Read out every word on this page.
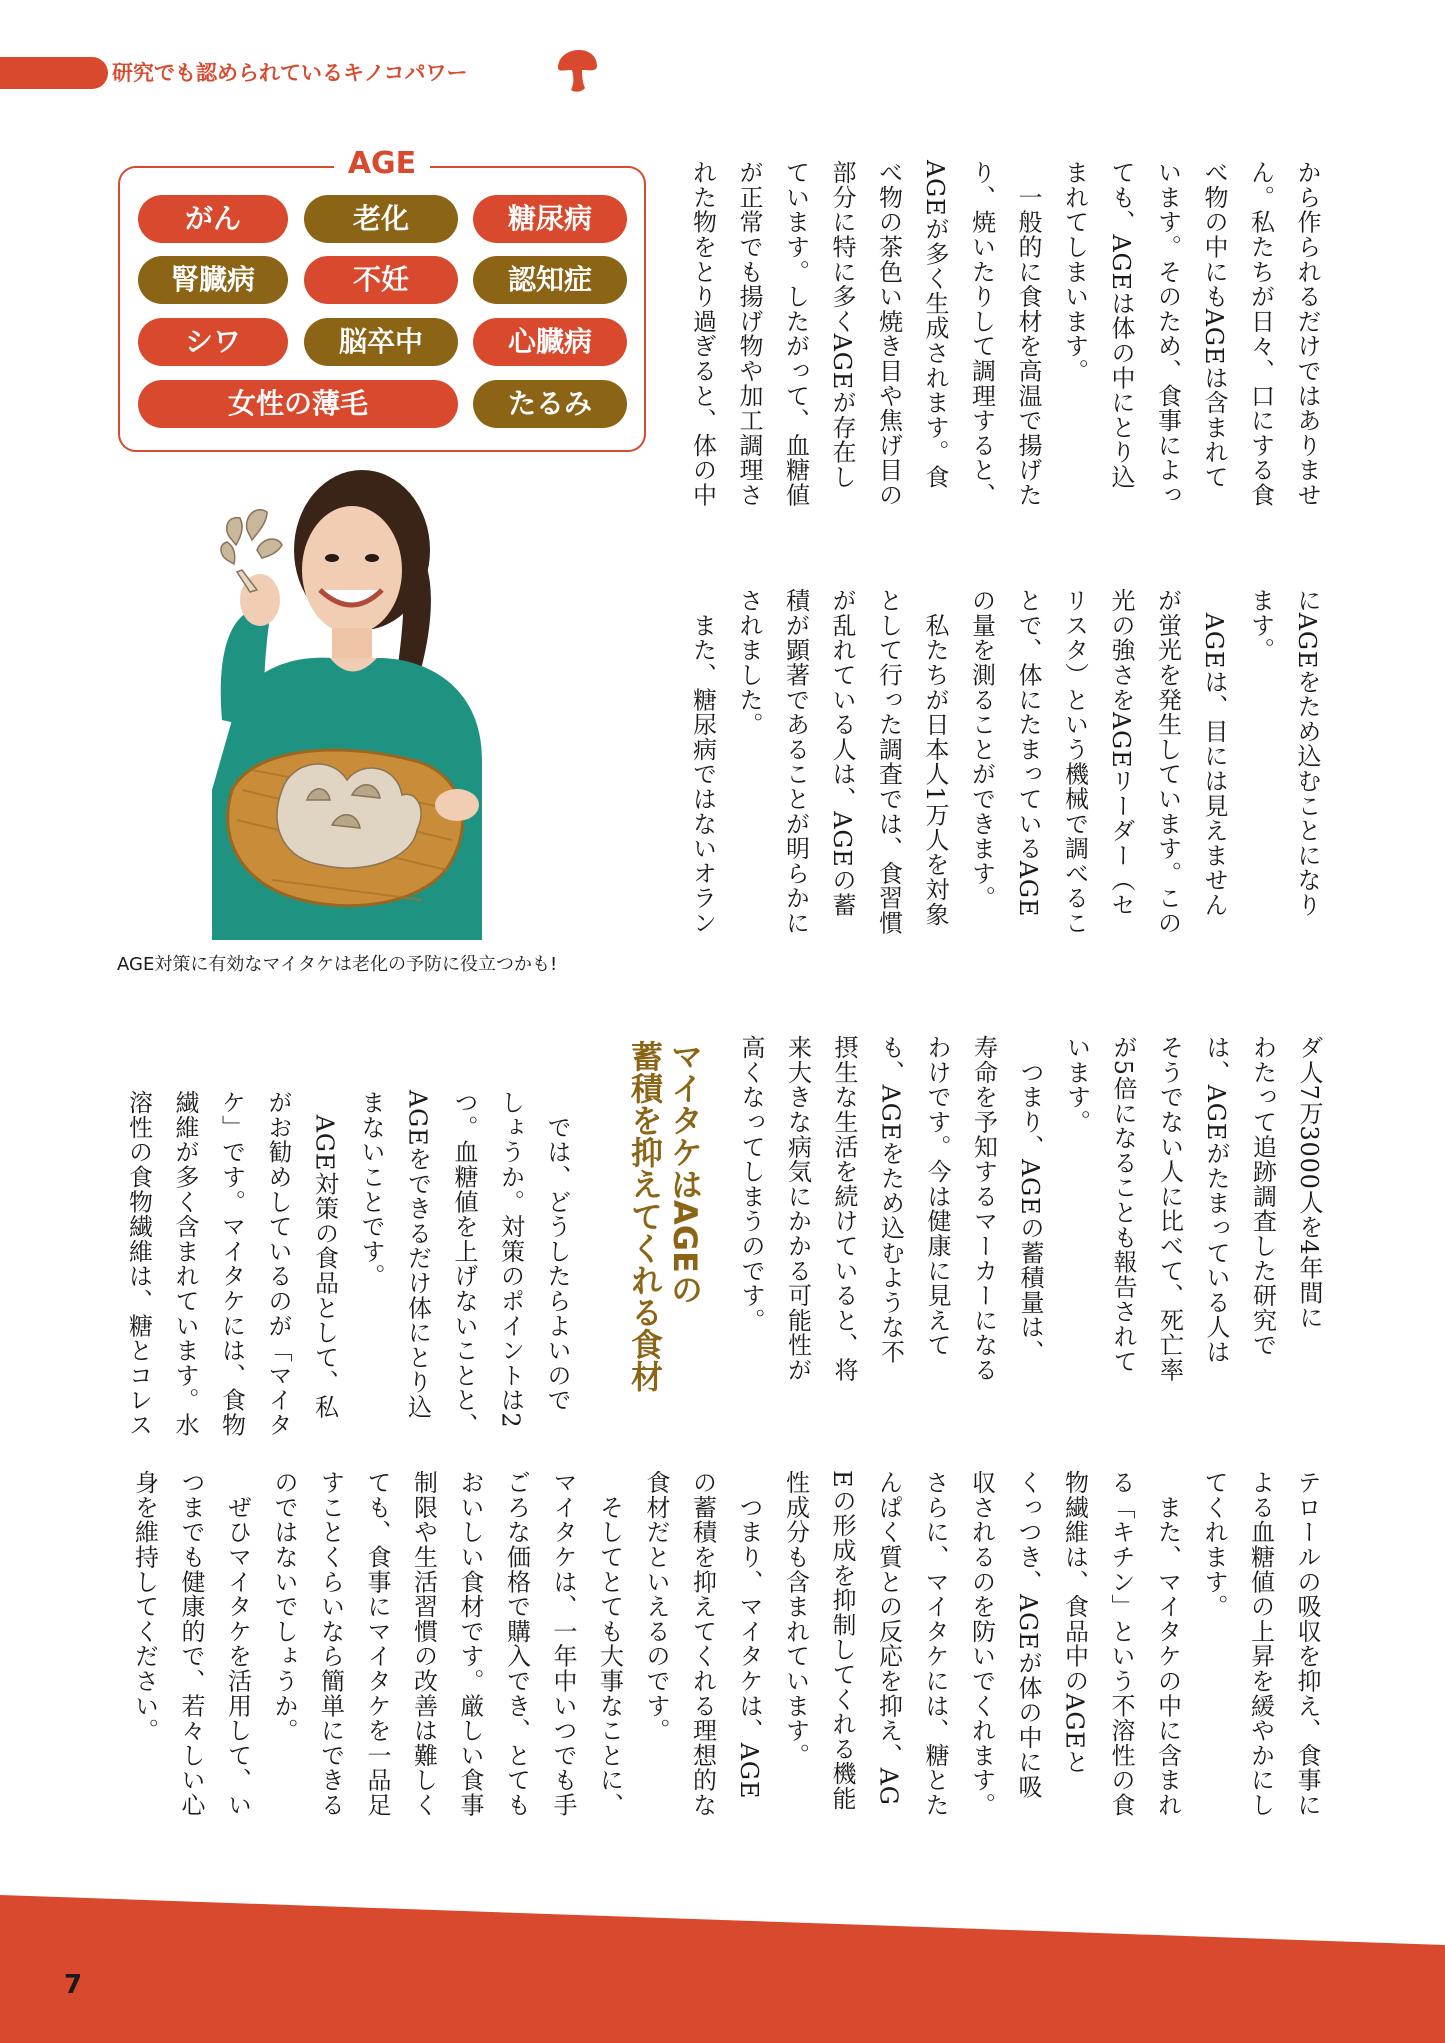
研究でも認められているキノコパワー
AGE
がん	老化	糖尿病
腎臓病	不妊	認知症
シワ	脳卒中	心臓病
女性の薄毛	たるみ
AGE対策に有効なマイタケは老化の予防に役立つかも!
から作られるだけではありませ
ん。私たちが日々、口にする食
べ物の中にもAGEは含まれて
います。そのため、食事によっ
ても、AGEは体の中にとり込
まれてしまいます。
　一般的に食材を高温で揚げた
り、焼いたりして調理すると、
AGEが多く生成されます。食
べ物の茶色い焼き目や焦げ目の
部分に特に多くAGEが存在し
ています。したがって、血糖値
が正常でも揚げ物や加工調理さ
れた物をとり過ぎると、体の中
にAGEをため込むことになり
ます。
　AGEは、目には見えません
が蛍光を発生しています。この
光の強さをAGEリーダー（セ
リスタ）という機械で調べるこ
とで、体にたまっているAGE
の量を測ることができます。
　私たちが日本人1万人を対象
として行った調査では、食習慣
が乱れている人は、AGEの蓄
積が顕著であることが明らかに
されました。
　また、糖尿病ではないオラン
ダ人7万3000人を4年間に
わたって追跡調査した研究で
は、AGEがたまっている人は
そうでない人に比べて、死亡率
が5倍になることも報告されて
います。
　つまり、AGEの蓄積量は、
寿命を予知するマーカーになる
わけです。今は健康に見えて
も、AGEをため込むような不
摂生な生活を続けていると、将
来大きな病気にかかる可能性が
高くなってしまうのです。
マイタケはAGEの
蓄積を抑えてくれる食材
　では、どうしたらよいので
しょうか。対策のポイントは2
つ。血糖値を上げないことと、
AGEをできるだけ体にとり込
まないことです。
　AGE対策の食品として、私
がお勧めしているのが「マイタ
ケ」です。マイタケには、食物
繊維が多く含まれています。水
溶性の食物繊維は、糖とコレス
テロールの吸収を抑え、食事に
よる血糖値の上昇を緩やかにし
てくれます。
　また、マイタケの中に含まれ
る「キチン」という不溶性の食
物繊維は、食品中のAGEと
くっつき、AGEが体の中に吸
収されるのを防いでくれます。
さらに、マイタケには、糖とた
んぱく質との反応を抑え、AG
Eの形成を抑制してくれる機能
性成分も含まれています。
　つまり、マイタケは、AGE
の蓄積を抑えてくれる理想的な
食材だといえるのです。
　そしてとても大事なことに、
マイタケは、一年中いつでも手
ごろな価格で購入でき、とても
おいしい食材です。厳しい食事
制限や生活習慣の改善は難しく
ても、食事にマイタケを一品足
すことくらいなら簡単にできる
のではないでしょうか。
　ぜひマイタケを活用して、い
つまでも健康的で、若々しい心
身を維持してください。
7
